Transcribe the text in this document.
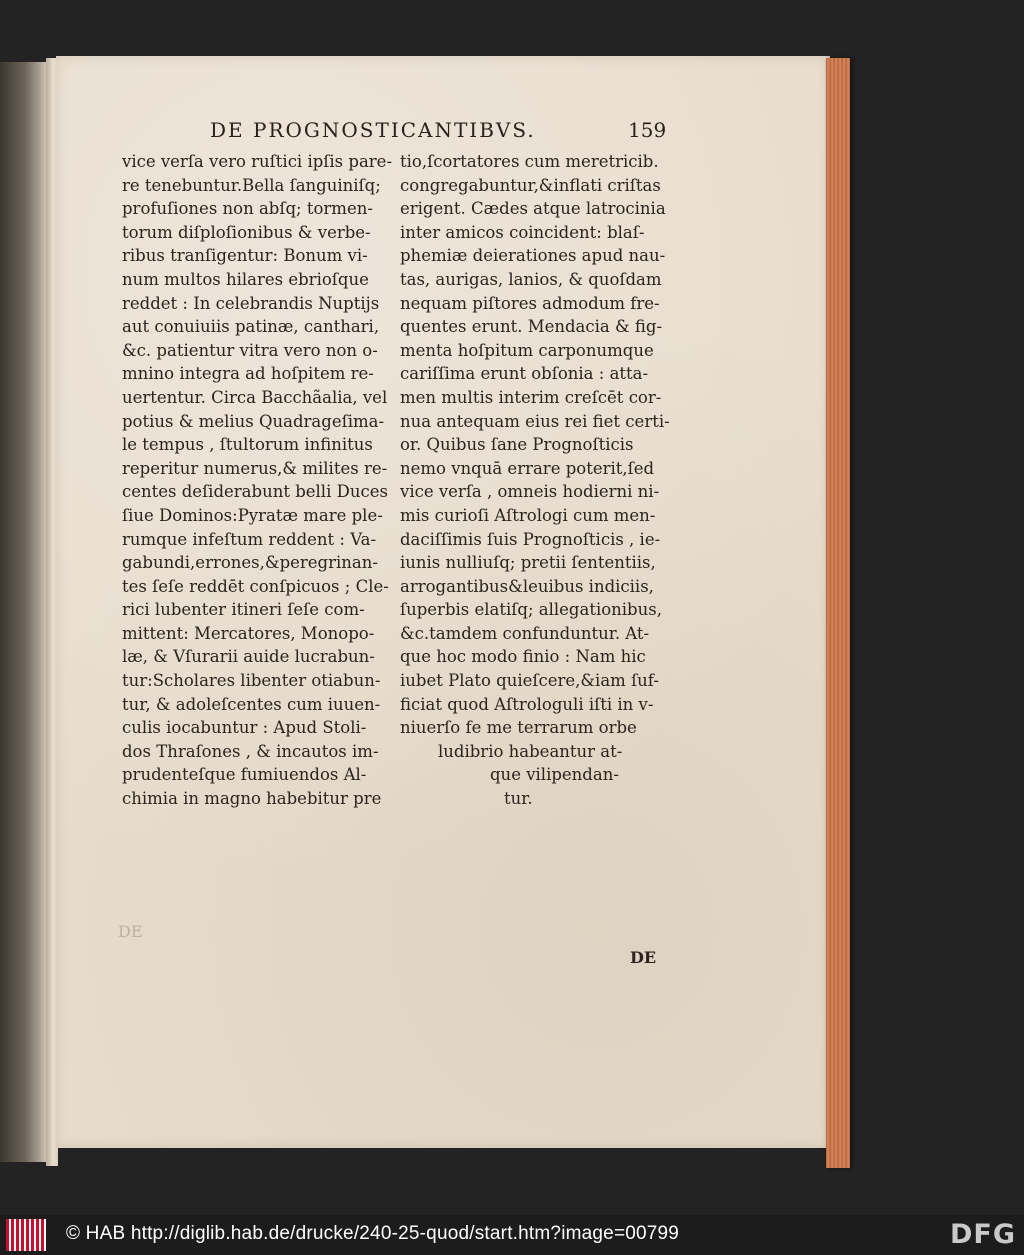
DE PROGNOSTICANTIBVS.	159
vice verſa vero ruſtici ipſis pare-
re tenebuntur.Bella ſanguiniſq;
profuſiones non abſq; tormen-
torum diſploſionibus & verbe-
ribus tranſigentur: Bonum vi-
num multos hilares ebrioſque
reddet : In celebrandis Nuptijs
aut conuiuiis patinæ, canthari,
&c. patientur vitra vero non o-
mnino integra ad hoſpitem re-
uertentur. Circa Bacchãalia, vel
potius & melius Quadrageſima-
le tempus , ſtultorum infinitus
reperitur numerus,& milites re-
centes deſiderabunt belli Duces
ſiue Dominos:Pyratæ mare ple-
rumque infeſtum reddent : Va-
gabundi,errones,&peregrinan-
tes ſeſe reddēt conſpicuos ; Cle-
rici lubenter itineri ſeſe com-
mittent: Mercatores, Monopo-
læ, & Vſurarii auide lucrabun-
tur:Scholares libenter otiabun-
tur, & adoleſcentes cum iuuen-
culis iocabuntur : Apud Stoli-
dos Thraſones , & incautos im-
prudenteſque fumiuendos Al-
chimia in magno habebitur pre
tio,ſcortatores cum meretricib.
congregabuntur,&inflati criſtas
erigent. Cædes atque latrocinia
inter amicos coincident: blaſ-
phemiæ deierationes apud nau-
tas, aurigas, lanios, & quoſdam
nequam piſtores admodum fre-
quentes erunt. Mendacia & fig-
menta hoſpitum carponumque
cariſſima erunt obſonia : atta-
men multis interim creſcēt cor-
nua antequam eius rei fiet certi-
or. Quibus ſane Prognoſticis
nemo vnquā errare poterit,ſed
vice verſa , omneis hodierni ni-
mis curioſi Aſtrologi cum men-
daciſſimis ſuis Prognoſticis , ie-
iunis nulliuſq; pretii ſententiis,
arrogantibus&leuibus indiciis,
ſuperbis elatiſq; allegationibus,
&c.tamdem confunduntur. At-
que hoc modo finio : Nam hic
iubet Plato quieſcere,&iam ſuf-
ficiat quod Aſtrologuli iſti in v-
niuerſo fe me terrarum orbe
ludibrio habeantur at-
que vilipendan-
tur.
DE
DE
© HAB http://diglib.hab.de/drucke/240-25-quod/start.htm?image=00799	DFG
